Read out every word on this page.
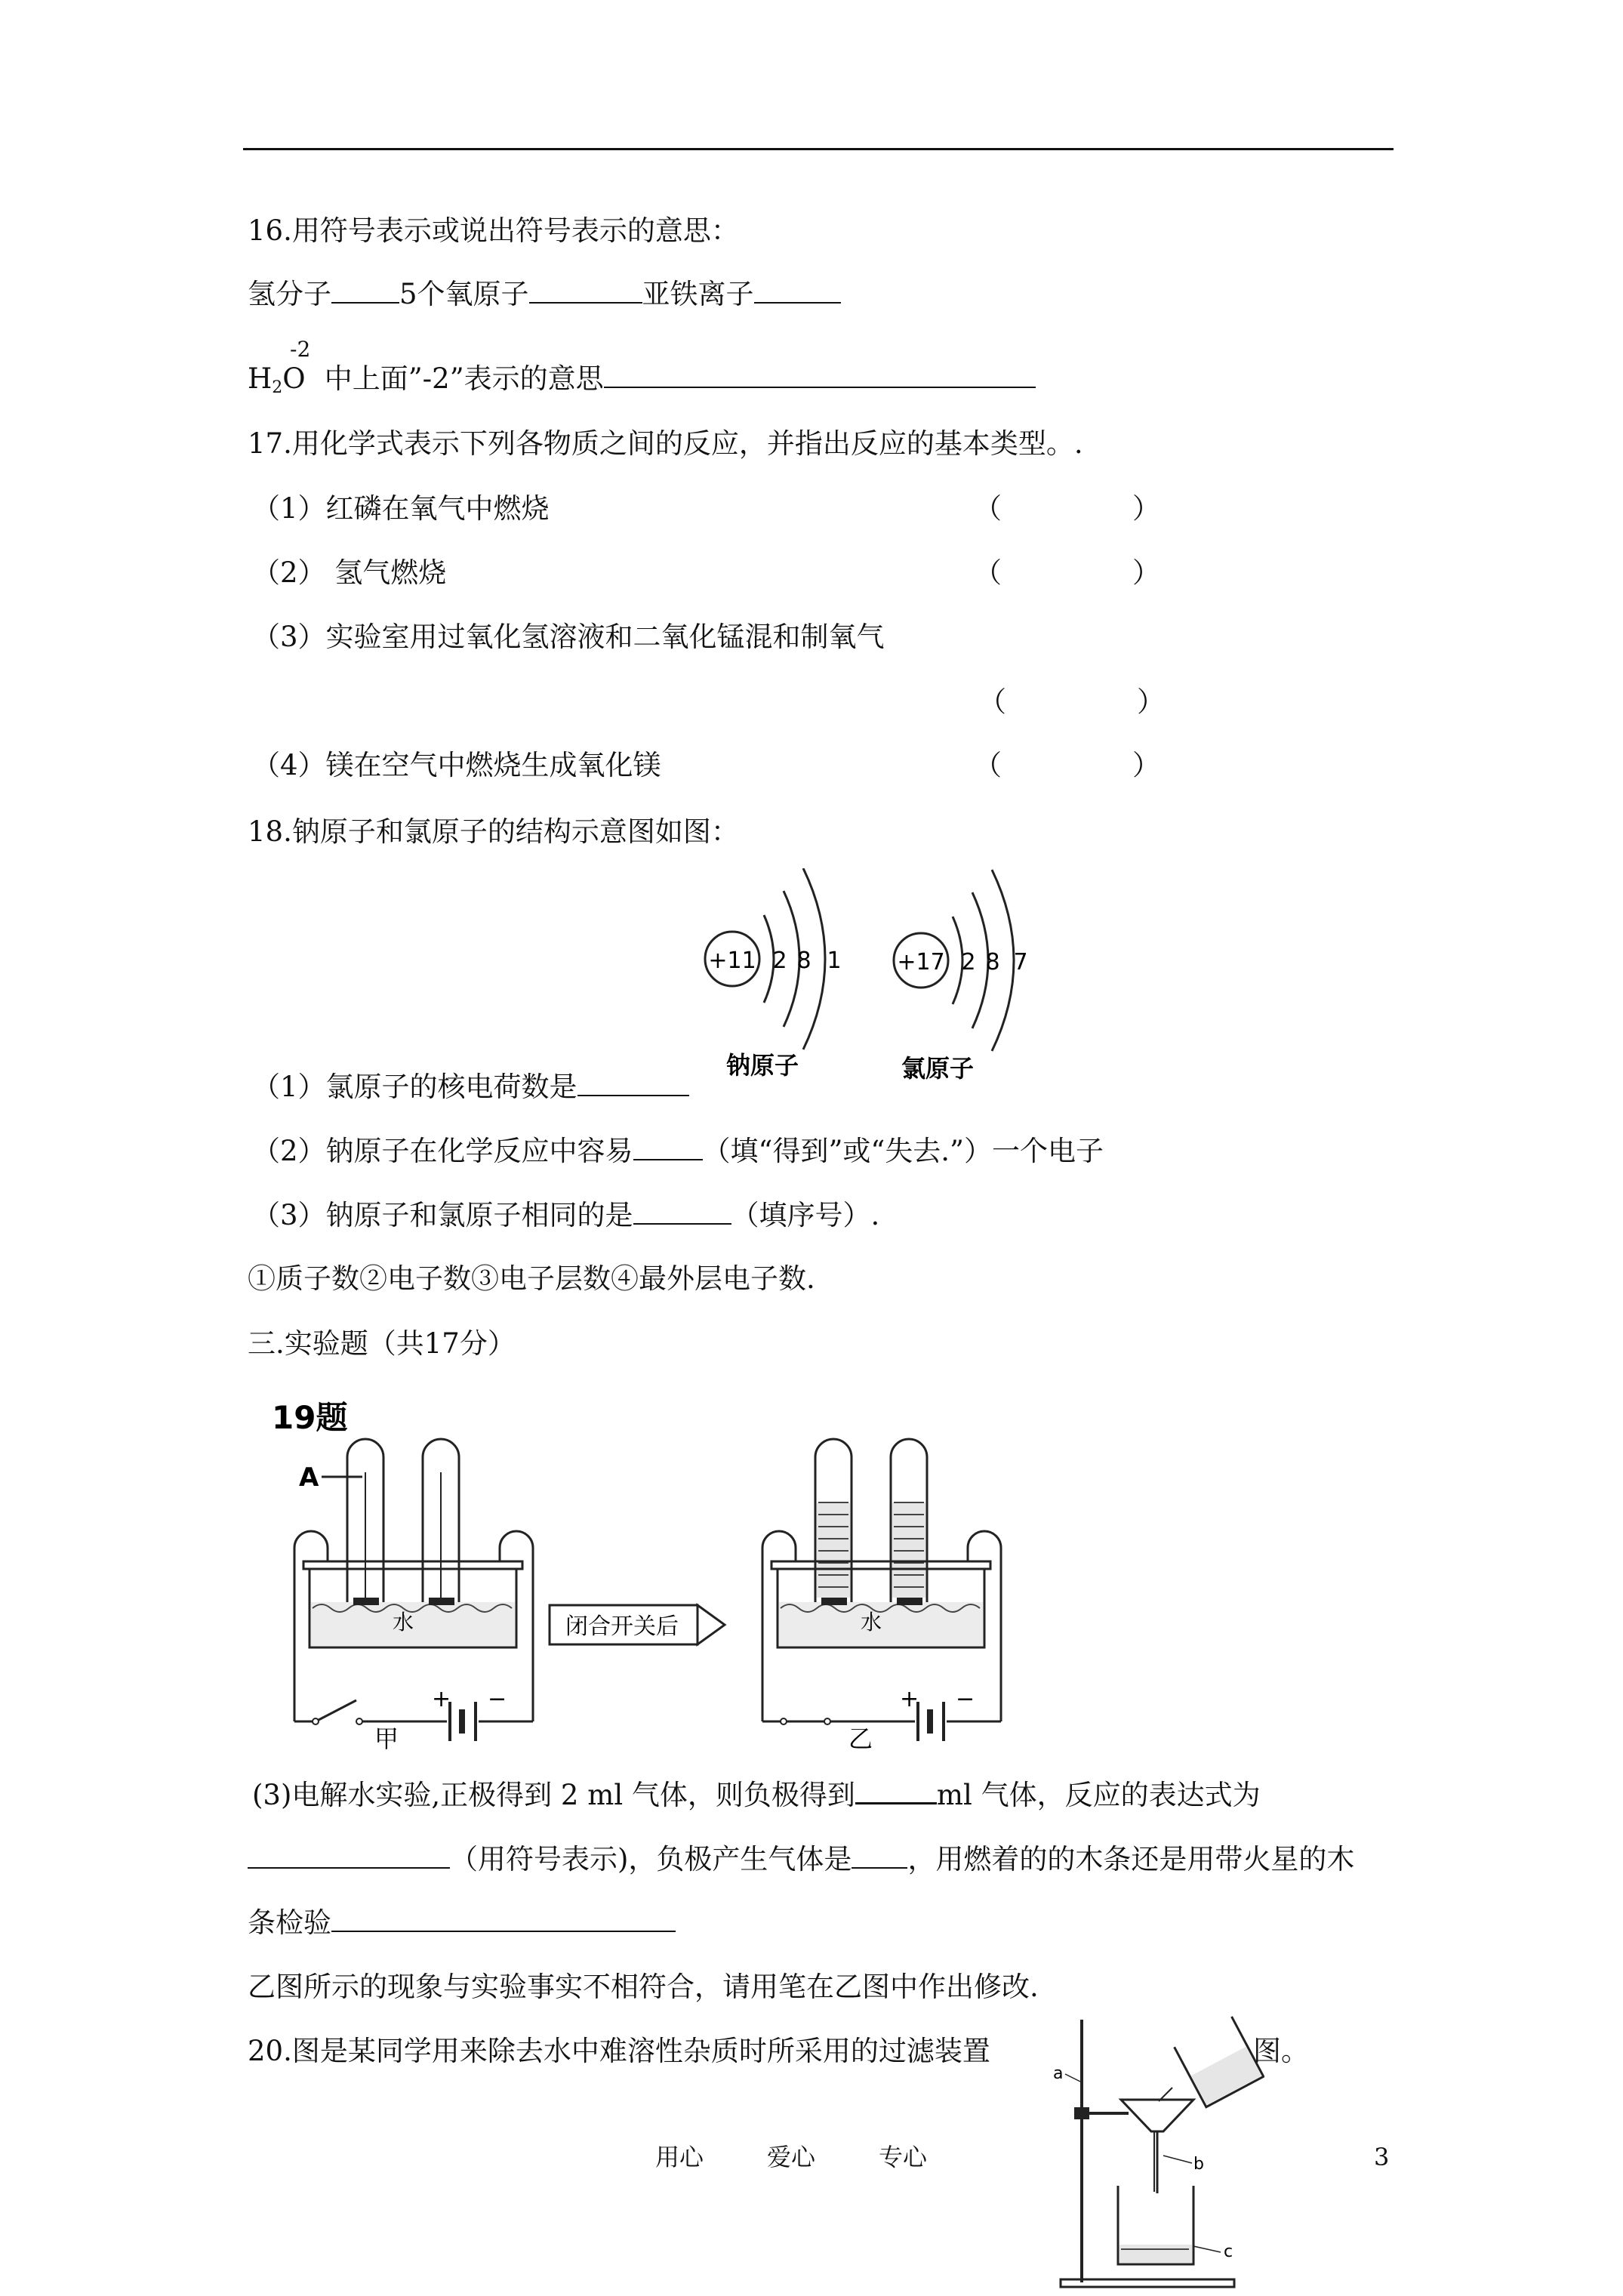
16.用符号表示或说出符号表示的意思：
氢分子 5个氧原子	亚铁离子
H2O
-2
中上面”-2”表示的意思
17.用化学式表示下列各物质之间的反应，并指出反应的基本类型。.
（1）红磷在氧气中燃烧	（	）
（2） 氢气燃烧	（	）
（3）实验室用过氧化氢溶液和二氧化锰混和制氧气
（	）
（4）镁在空气中燃烧生成氧化镁	（	）
18.钠原子和氯原子的结构示意图如图：
+11 2 8 1
钠原子
+17 2 8 7
氯原子
（1）氯原子的核电荷数是
（2）钠原子在化学反应中容易 （填“得到”或“失去.”）一个电子
（3）钠原子和氯原子相同的是	（填序号）.
①质子数②电子数③电子层数④最外层电子数.
三.实验题（共17分）
19题
A
水
+ −
甲
闭合开关后	水
+ −
乙
(3)电解水实验,正极得到 2 ml 气体，则负极得到	ml 气体，反应的表达式为
（用符号表示)，负极产生气体是 ，用燃着的的木条还是用带火星的木
条检验
乙图所示的现象与实验事实不相符合，请用笔在乙图中作出修改.
20.图是某同学用来除去水中难溶性杂质时所采用的过滤装置	图。
a
b
c
用心	爱心	专心	3
